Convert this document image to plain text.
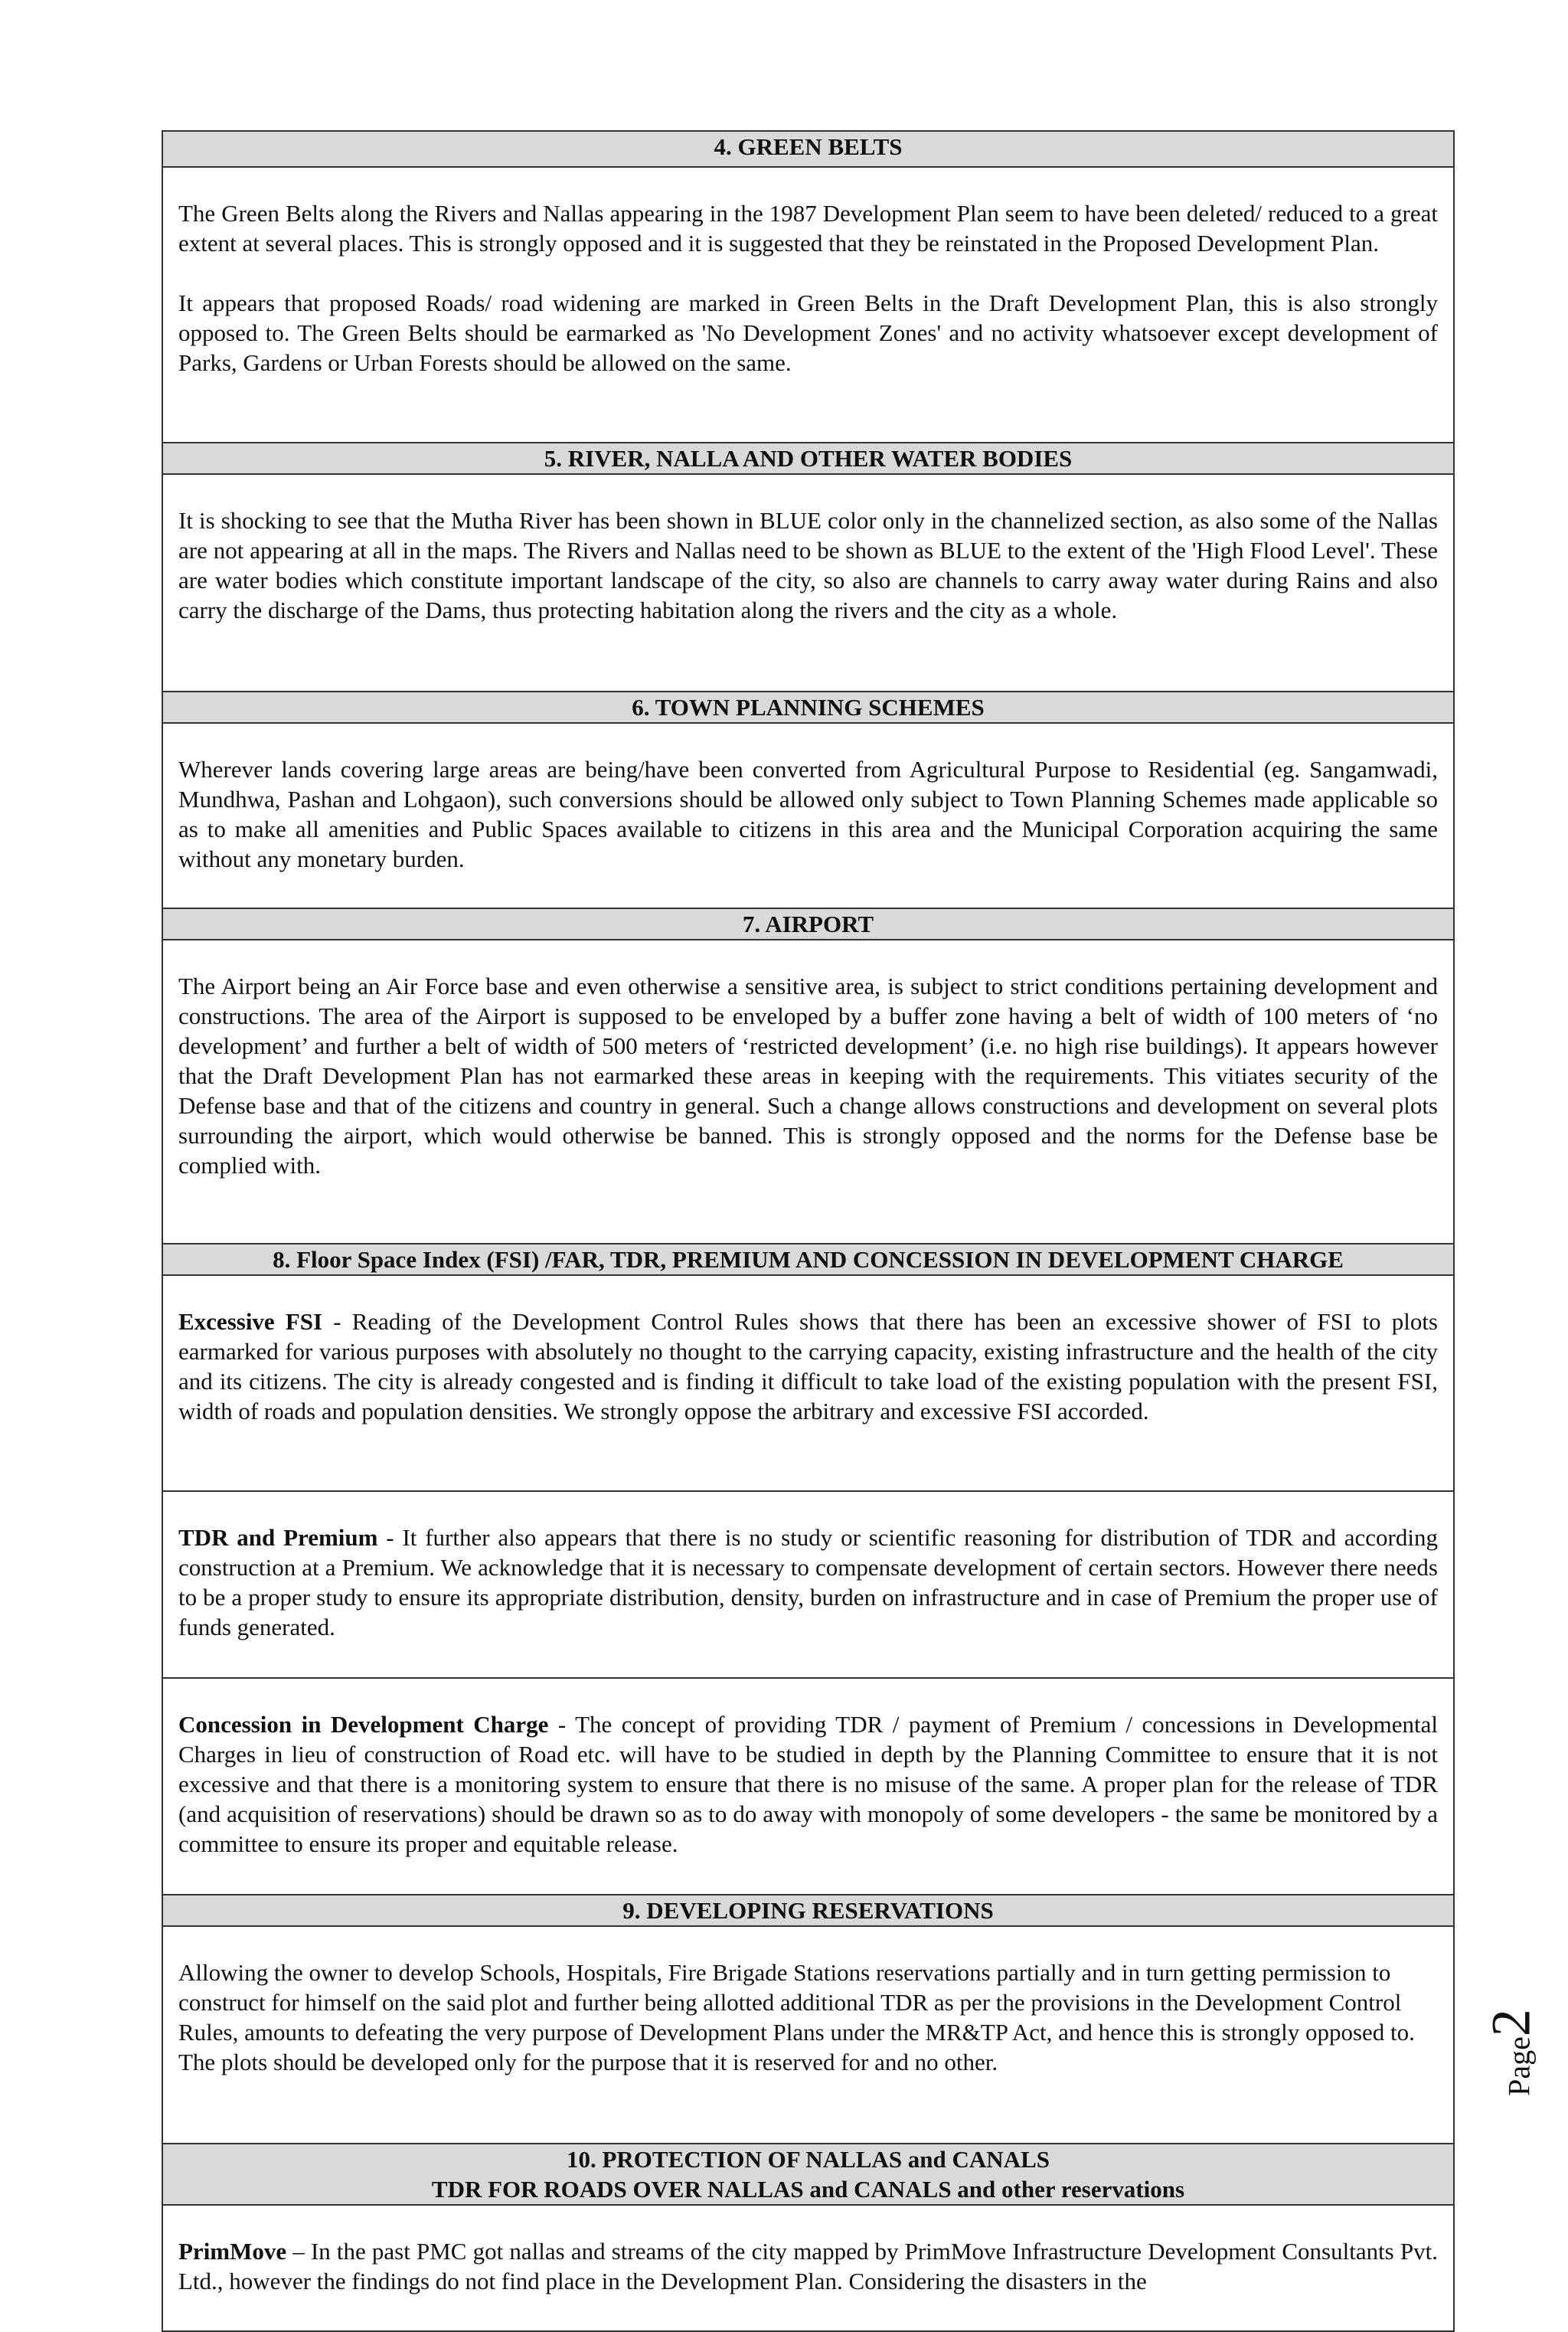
4. GREEN BELTS

The Green Belts along the Rivers and Nallas appearing in the 1987 Development Plan seem to have been deleted/ reduced to a great extent at several places. This is strongly opposed and it is suggested that they be reinstated in the Proposed Development Plan.

It appears that proposed Roads/ road widening are marked in Green Belts in the Draft Development Plan, this is also strongly opposed to. The Green Belts should be earmarked as 'No Development Zones' and no activity whatsoever except development of Parks, Gardens or Urban Forests should be allowed on the same.

5. RIVER, NALLA AND OTHER WATER BODIES

It is shocking to see that the Mutha River has been shown in BLUE color only in the channelized section, as also some of the Nallas are not appearing at all in the maps. The Rivers and Nallas need to be shown as BLUE to the extent of the 'High Flood Level'. These are water bodies which constitute important landscape of the city, so also are channels to carry away water during Rains and also carry the discharge of the Dams, thus protecting habitation along the rivers and the city as a whole.

6. TOWN PLANNING SCHEMES

Wherever lands covering large areas are being/have been converted from Agricultural Purpose to Residential (eg. Sangamwadi, Mundhwa, Pashan and Lohgaon), such conversions should be allowed only subject to Town Planning Schemes made applicable so as to make all amenities and Public Spaces available to citizens in this area and the Municipal Corporation acquiring the same without any monetary burden.

7. AIRPORT

The Airport being an Air Force base and even otherwise a sensitive area, is subject to strict conditions pertaining development and constructions. The area of the Airport is supposed to be enveloped by a buffer zone having a belt of width of 100 meters of ‘no development’ and further a belt of width of 500 meters of ‘restricted development’ (i.e. no high rise buildings). It appears however that the Draft Development Plan has not earmarked these areas in keeping with the requirements. This vitiates security of the Defense base and that of the citizens and country in general. Such a change allows constructions and development on several plots surrounding the airport, which would otherwise be banned. This is strongly opposed and the norms for the Defense base be complied with.

8. Floor Space Index (FSI) /FAR, TDR, PREMIUM AND CONCESSION IN DEVELOPMENT CHARGE

Excessive FSI - Reading of the Development Control Rules shows that there has been an excessive shower of FSI to plots earmarked for various purposes with absolutely no thought to the carrying capacity, existing infrastructure and the health of the city and its citizens. The city is already congested and is finding it difficult to take load of the existing population with the present FSI, width of roads and population densities. We strongly oppose the arbitrary and excessive FSI accorded.

TDR and Premium - It further also appears that there is no study or scientific reasoning for distribution of TDR and according construction at a Premium. We acknowledge that it is necessary to compensate development of certain sectors. However there needs to be a proper study to ensure its appropriate distribution, density, burden on infrastructure and in case of Premium the proper use of funds generated.

Concession in Development Charge - The concept of providing TDR / payment of Premium / concessions in Developmental Charges in lieu of construction of Road etc. will have to be studied in depth by the Planning Committee to ensure that it is not excessive and that there is a monitoring system to ensure that there is no misuse of the same. A proper plan for the release of TDR (and acquisition of reservations) should be drawn so as to do away with monopoly of some developers - the same be monitored by a committee to ensure its proper and equitable release.

9. DEVELOPING RESERVATIONS

Allowing the owner to develop Schools, Hospitals, Fire Brigade Stations reservations partially and in turn getting permission to construct for himself on the said plot and further being allotted additional TDR as per the provisions in the Development Control Rules, amounts to defeating the very purpose of Development Plans under the MR&TP Act, and hence this is strongly opposed to. The plots should be developed only for the purpose that it is reserved for and no other.

10. PROTECTION OF NALLAS and CANALS
TDR FOR ROADS OVER NALLAS and CANALS and other reservations

PrimMove – In the past PMC got nallas and streams of the city mapped by PrimMove Infrastructure Development Consultants Pvt. Ltd., however the findings do not find place in the Development Plan. Considering the disasters in the

Page2
